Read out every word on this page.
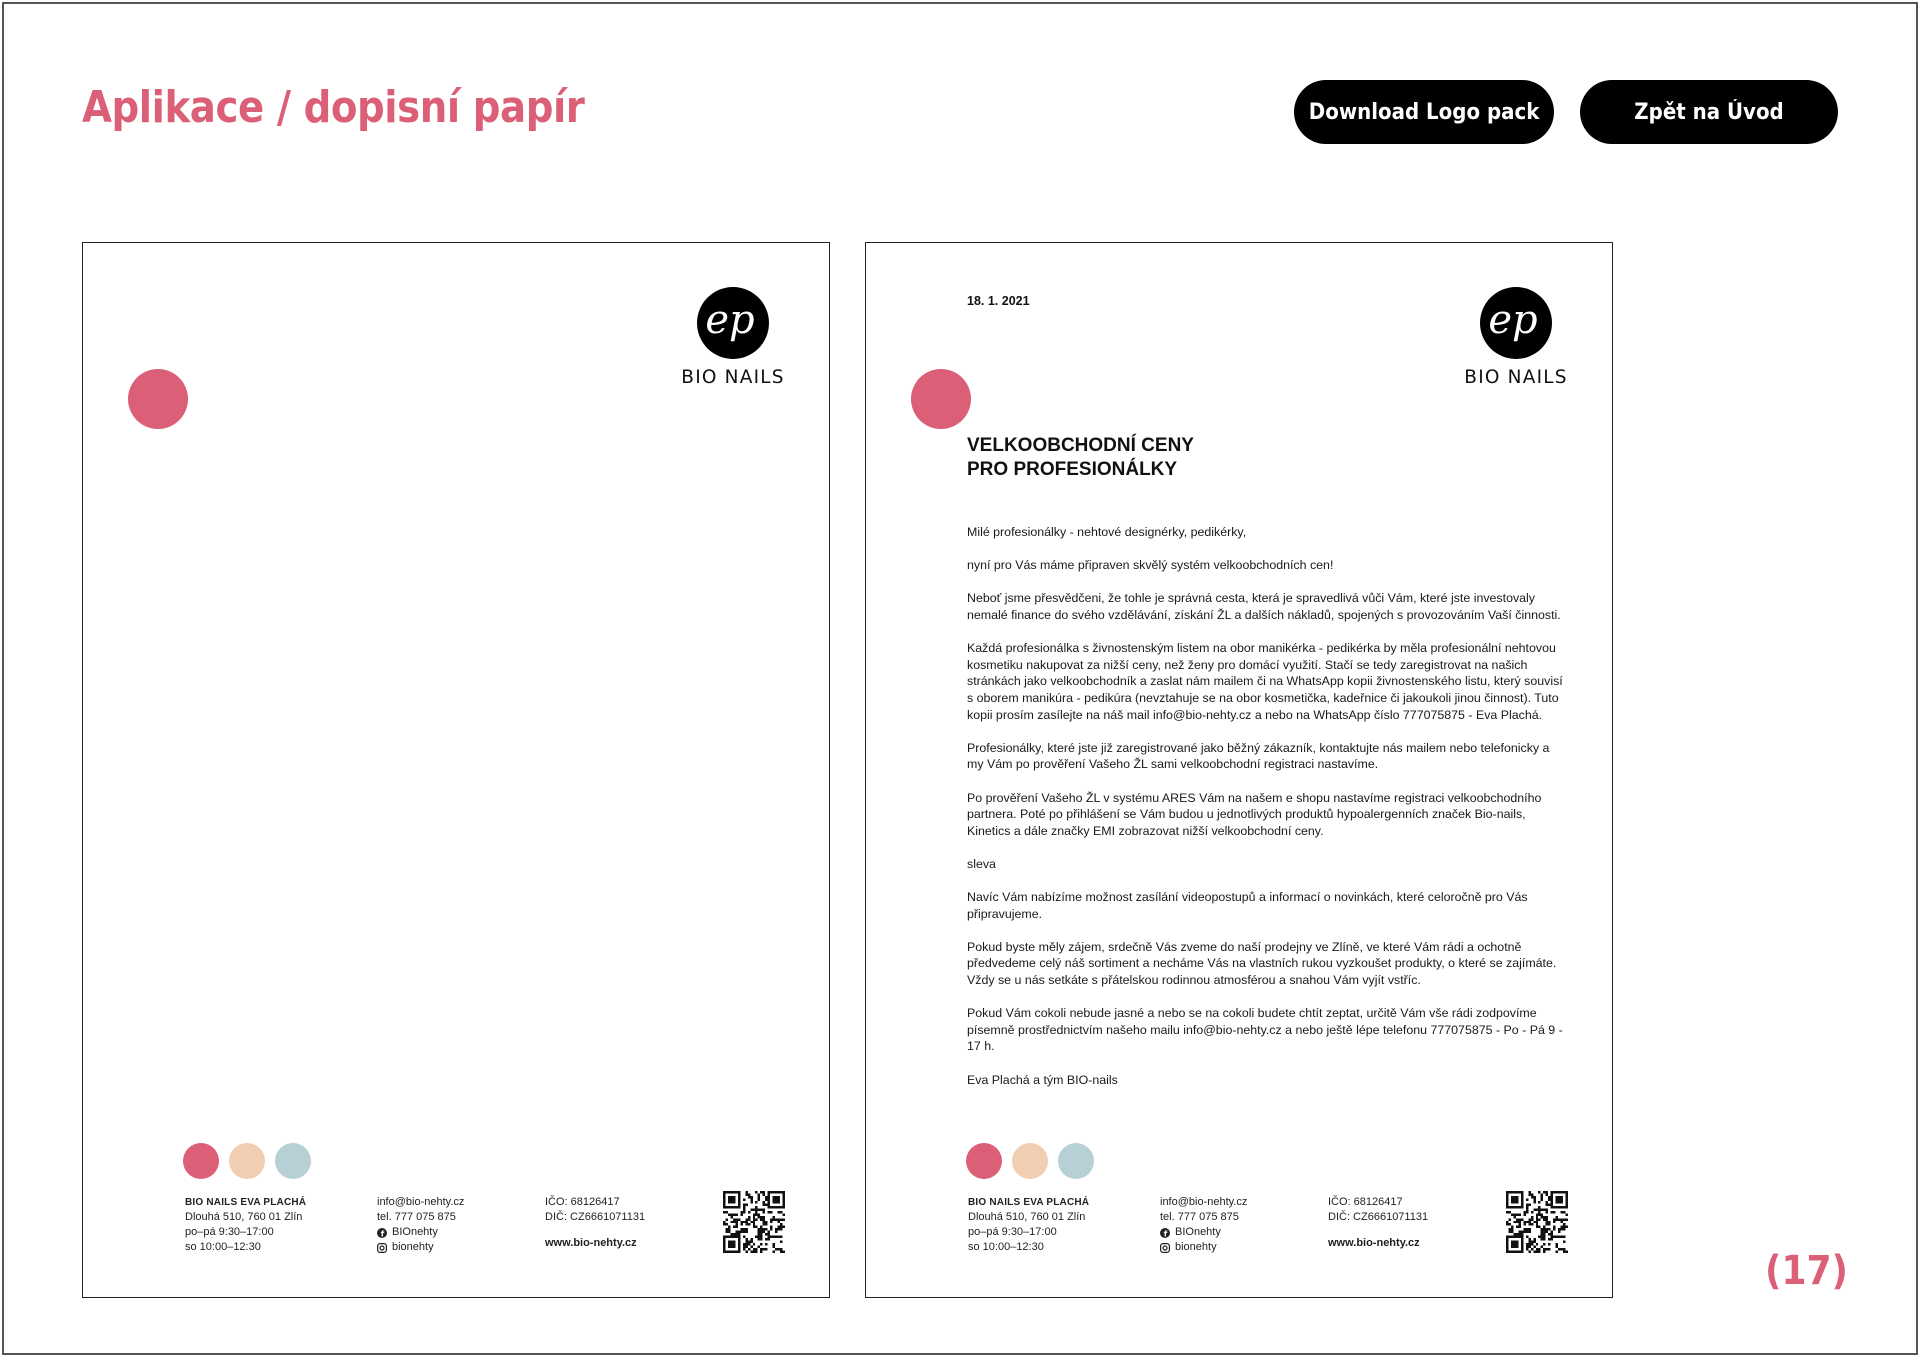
Aplikace / dopisní papír	Download Logo pack	Zpět na Úvod
ep
BIO NAILS
BIO NAILS EVA PLACHÁ
Dlouhá 510, 760 01 Zlín
po–pá 9:30–17:00
so 10:00–12:30
info@bio-nehty.cz
tel. 777 075 875
f BIOnehty
bionehty
IČO: 68126417
DIČ: CZ6661071131
www.bio-nehty.cz
18. 1. 2021	ep
BIO NAILS
VELKOOBCHODNÍ CENY
PRO PROFESIONÁLKY

Milé profesionálky - nehtové designérky, pedikérky,

nyní pro Vás máme připraven skvělý systém velkoobchodních cen!

Neboť jsme přesvědčeni, že tohle je správná cesta, která je spravedlivá vůči Vám, které jste investovaly nemalé finance do svého vzdělávání, získání ŽL a dalších nákladů, spojených s provozováním Vaší činnosti.

Každá profesionálka s živnostenským listem na obor manikérka - pedikérka by měla profesionální nehtovou kosmetiku nakupovat za nižší ceny, než ženy pro domácí využití. Stačí se tedy zaregistrovat na našich stránkách jako velkoobchodník a zaslat nám mailem či na WhatsApp kopii živnostenského listu, který souvisí s oborem manikúra - pedikúra (nevztahuje se na obor kosmetička, kadeřnice či jakoukoli jinou činnost). Tuto kopii prosím zasílejte na náš mail info@bio-nehty.cz a nebo na WhatsApp číslo 777075875 - Eva Plachá.

Profesionálky, které jste již zaregistrované jako běžný zákazník, kontaktujte nás mailem nebo telefonicky a my Vám po prověření Vašeho ŽL sami velkoobchodní registraci nastavíme.

Po prověření Vašeho ŽL v systému ARES Vám na našem e shopu nastavíme registraci velkoobchodního partnera. Poté po přihlášení se Vám budou u jednotlivých produktů hypoalergenních značek Bio-nails, Kinetics a dále značky EMI zobrazovat nižší velkoobchodní ceny.

sleva

Navíc Vám nabízíme možnost zasílání videopostupů a informací o novinkách, které celoročně pro Vás připravujeme.

Pokud byste měly zájem, srdečně Vás zveme do naší prodejny ve Zlíně, ve které Vám rádi a ochotně předvedeme celý náš sortiment a necháme Vás na vlastních rukou vyzkoušet produkty, o které se zajímáte. Vždy se u nás setkáte s přátelskou rodinnou atmosférou a snahou Vám vyjít vstříc.

Pokud Vám cokoli nebude jasné a nebo se na cokoli budete chtít zeptat, určitě Vám vše rádi zodpovíme písemně prostřednictvím našeho mailu info@bio-nehty.cz a nebo ještě lépe telefonu 777075875 - Po - Pá 9 - 17 h.

Eva Plachá a tým BIO-nails

BIO NAILS EVA PLACHÁ
Dlouhá 510, 760 01 Zlín
po–pá 9:30–17:00
so 10:00–12:30
info@bio-nehty.cz
tel. 777 075 875
f BIOnehty
bionehty
IČO: 68126417
DIČ: CZ6661071131
www.bio-nehty.cz
(17)
